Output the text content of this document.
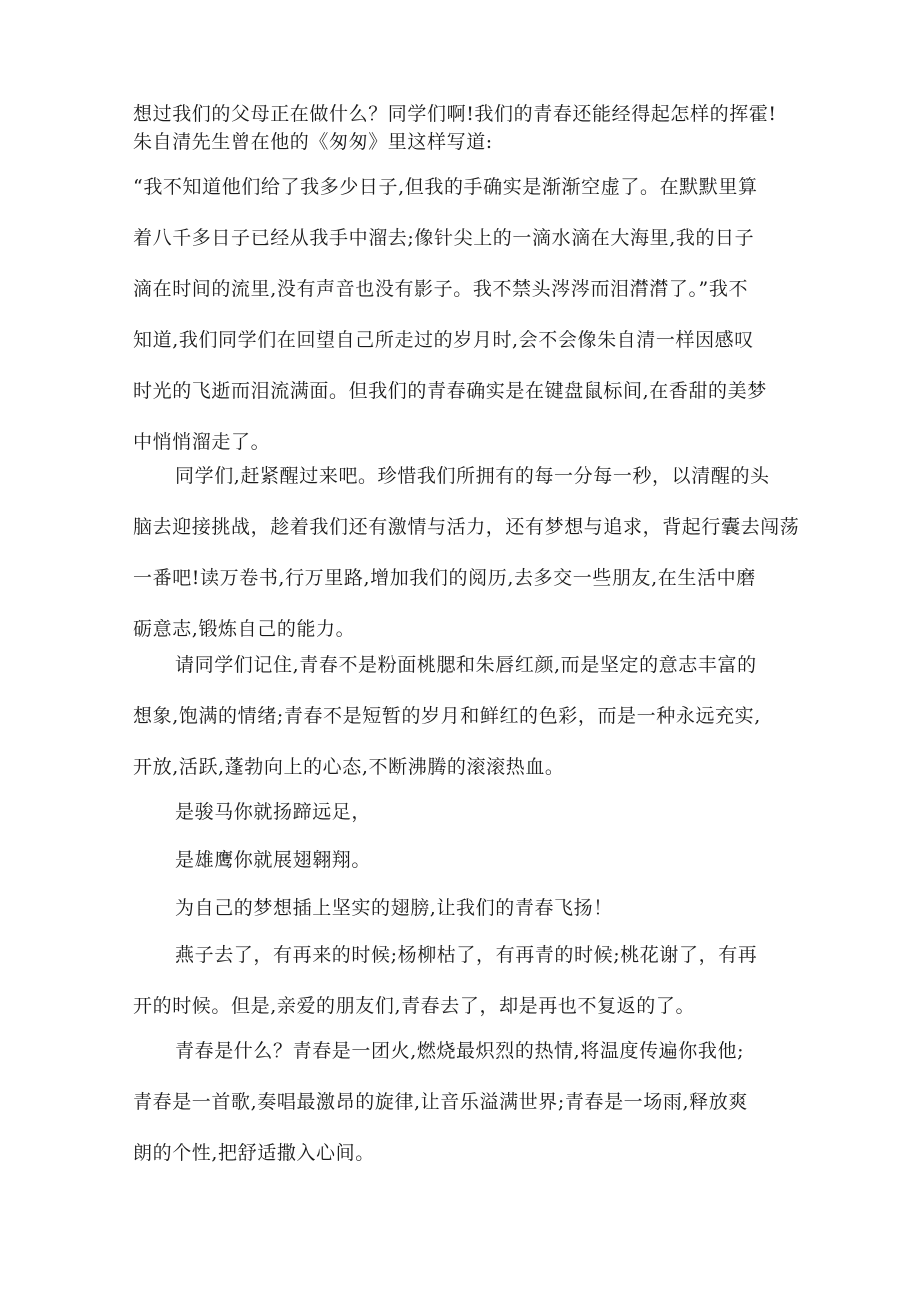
想过我们的父母正在做什么？同学们啊!我们的青春还能经得起怎样的挥霍!
朱自清先生曾在他的《匆匆》里这样写道:
“我不知道他们给了我多少日子,但我的手确实是渐渐空虚了。在默默里算
着八千多日子已经从我手中溜去;像针尖上的一滴水滴在大海里,我的日子
滴在时间的流里,没有声音也没有影子。我不禁头涔涔而泪潸潸了。”我不
知道,我们同学们在回望自己所走过的岁月时,会不会像朱自清一样因感叹
时光的飞逝而泪流满面。但我们的青春确实是在键盘鼠标间,在香甜的美梦
中悄悄溜走了。
同学们,赶紧醒过来吧。珍惜我们所拥有的每一分每一秒，以清醒的头
脑去迎接挑战，趁着我们还有激情与活力，还有梦想与追求，背起行囊去闯荡
一番吧!读万卷书,行万里路,增加我们的阅历,去多交一些朋友,在生活中磨
砺意志,锻炼自己的能力。
请同学们记住,青春不是粉面桃腮和朱唇红颜,而是坚定的意志丰富的
想象,饱满的情绪;青春不是短暂的岁月和鲜红的色彩，而是一种永远充实,
开放,活跃,蓬勃向上的心态,不断沸腾的滚滚热血。
是骏马你就扬蹄远足，
是雄鹰你就展翅翱翔。
为自己的梦想插上坚实的翅膀,让我们的青春飞扬！
燕子去了，有再来的时候;杨柳枯了，有再青的时候;桃花谢了，有再
开的时候。但是,亲爱的朋友们,青春去了，却是再也不复返的了。
青春是什么？青春是一团火,燃烧最炽烈的热情,将温度传遍你我他;
青春是一首歌,奏唱最激昂的旋律,让音乐溢满世界;青春是一场雨,释放爽
朗的个性,把舒适撒入心间。
